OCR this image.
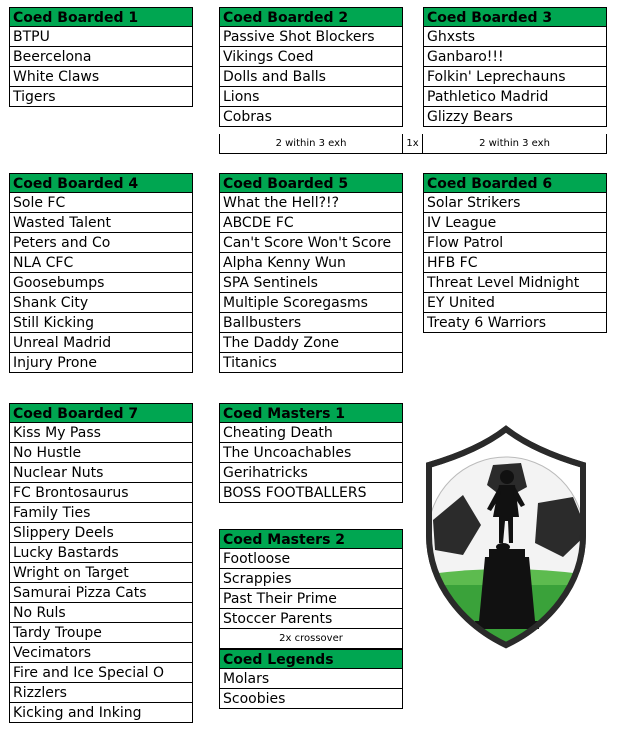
Coed Boarded 1
BTPU
Beercelona
White Claws
Tigers
Coed Boarded 2
Passive Shot Blockers
Vikings Coed
Dolls and Balls
Lions
Cobras
Coed Boarded 3
Ghxsts
Ganbaro!!!
Folkin' Leprechauns
Pathletico Madrid
Glizzy Bears
2 within 3 exh	1x	2 within 3 exh
Coed Boarded 4
Sole FC
Wasted Talent
Peters and Co
NLA CFC
Goosebumps
Shank City
Still Kicking
Unreal Madrid
Injury Prone
Coed Boarded 5
What the Hell?!?
ABCDE FC
Can't Score Won't Score
Alpha Kenny Wun
SPA Sentinels
Multiple Scoregasms
Ballbusters
The Daddy Zone
Titanics
Coed Boarded 6
Solar Strikers
IV League
Flow Patrol
HFB FC
Threat Level Midnight
EY United
Treaty 6 Warriors
Coed Boarded 7
Kiss My Pass
No Hustle
Nuclear Nuts
FC Brontosaurus
Family Ties
Slippery Deels
Lucky Bastards
Wright on Target
Samurai Pizza Cats
No Ruls
Tardy Troupe
Vecimators
Fire and Ice Special O
Rizzlers
Kicking and Inking
Coed Masters 1
Cheating Death
The Uncoachables
Gerihatricks
BOSS FOOTBALLERS
Coed Masters 2
Footloose
Scrappies
Past Their Prime
Stoccer Parents
2x crossover
Coed Legends
Molars
Scoobies
